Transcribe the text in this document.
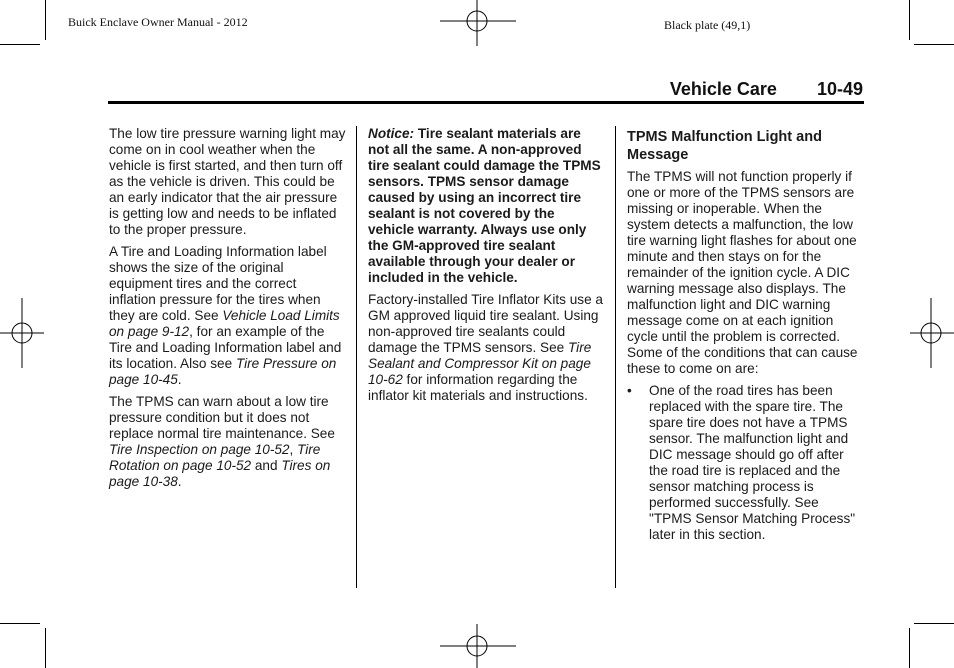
Buick Enclave Owner Manual - 2012	Black plate (49,1)
Vehicle Care 10-49

The low tire pressure warning light may come on in cool weather when the vehicle is first started, and then turn off as the vehicle is driven. This could be an early indicator that the air pressure is getting low and needs to be inflated to the proper pressure.

A Tire and Loading Information label shows the size of the original equipment tires and the correct inflation pressure for the tires when they are cold. See Vehicle Load Limits on page 9-12, for an example of the Tire and Loading Information label and its location. Also see Tire Pressure on page 10-45.

The TPMS can warn about a low tire pressure condition but it does not replace normal tire maintenance. See Tire Inspection on page 10-52, Tire Rotation on page 10-52 and Tires on page 10-38.

Notice: Tire sealant materials are not all the same. A non-approved tire sealant could damage the TPMS sensors. TPMS sensor damage caused by using an incorrect tire sealant is not covered by the vehicle warranty. Always use only the GM-approved tire sealant available through your dealer or included in the vehicle.

Factory-installed Tire Inflator Kits use a GM approved liquid tire sealant. Using non-approved tire sealants could damage the TPMS sensors. See Tire Sealant and Compressor Kit on page 10-62 for information regarding the inflator kit materials and instructions.

TPMS Malfunction Light and Message

The TPMS will not function properly if one or more of the TPMS sensors are missing or inoperable. When the system detects a malfunction, the low tire warning light flashes for about one minute and then stays on for the remainder of the ignition cycle. A DIC warning message also displays. The malfunction light and DIC warning message come on at each ignition cycle until the problem is corrected. Some of the conditions that can cause these to come on are:

•	One of the road tires has been replaced with the spare tire. The spare tire does not have a TPMS sensor. The malfunction light and DIC message should go off after the road tire is replaced and the sensor matching process is performed successfully. See "TPMS Sensor Matching Process" later in this section.
